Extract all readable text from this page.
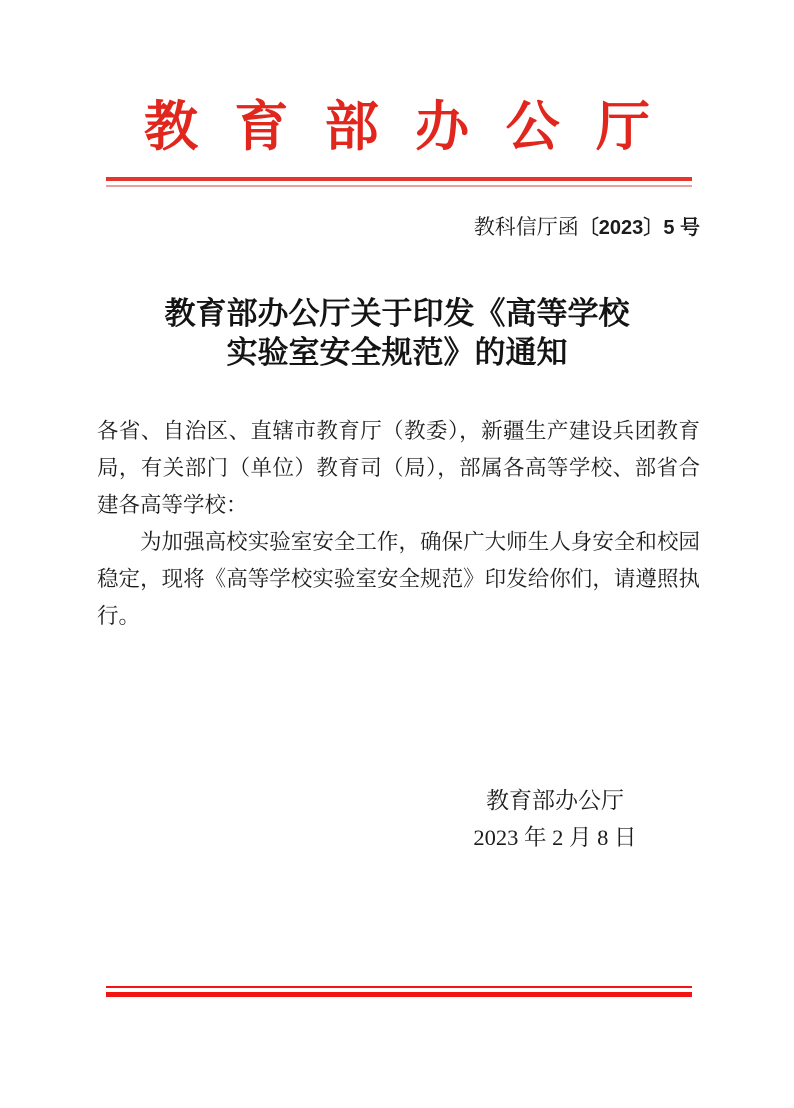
教 育 部 办 公 厅
教科信厅函〔2023〕5 号
教育部办公厅关于印发《高等学校
实验室安全规范》的通知

各省、自治区、直辖市教育厅（教委），新疆生产建设兵团教育局，有关部门（单位）教育司（局），部属各高等学校、部省合建各高等学校：

为加强高校实验室安全工作，确保广大师生人身安全和校园稳定，现将《高等学校实验室安全规范》印发给你们，请遵照执行。

教育部办公厅
2023 年 2 月 8 日
